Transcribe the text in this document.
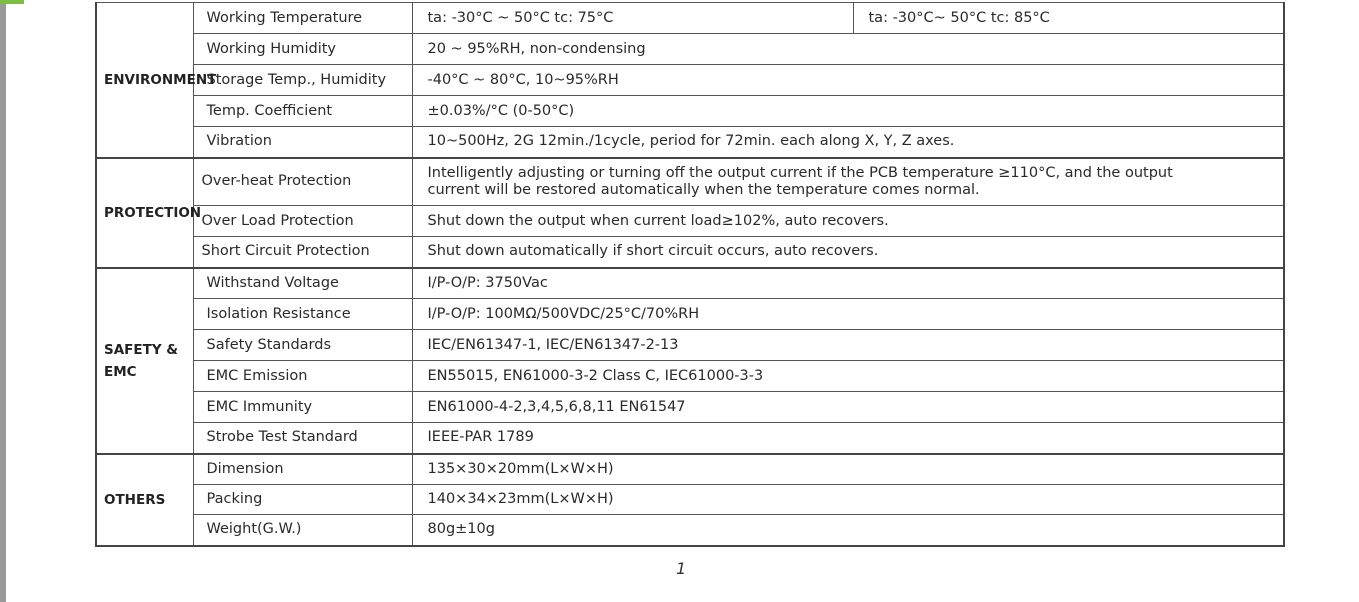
ENVIRONMENT	Working Temperature	ta: -30°C ~ 50°C tc: 75°C	ta: -30°C~ 50°C tc: 85°C
	Working Humidity	20 ~ 95%RH, non-condensing	
	Storage Temp., Humidity	-40°C ~ 80°C, 10~95%RH	
	Temp. Coefficient	±0.03%/°C (0-50°C)	
	Vibration	10~500Hz, 2G 12min./1cycle, period for 72min. each along X, Y, Z axes.	
PROTECTION	Over-heat Protection	Intelligently adjusting or turning off the output current if the PCB temperature ≥110°C, and the output current will be restored automatically when the temperature comes normal.	
	Over Load Protection	Shut down the output when current load≥102%, auto recovers.	
	Short Circuit Protection	Shut down automatically if short circuit occurs, auto recovers.	
SAFETY & EMC	Withstand Voltage	I/P-O/P: 3750Vac	
	Isolation Resistance	I/P-O/P: 100MΩ/500VDC/25°C/70%RH	
	Safety Standards	IEC/EN61347-1, IEC/EN61347-2-13	
	EMC Emission	EN55015, EN61000-3-2 Class C, IEC61000-3-3	
	EMC Immunity	EN61000-4-2,3,4,5,6,8,11 EN61547	
	Strobe Test Standard	IEEE-PAR 1789	
OTHERS	Dimension	135×30×20mm(L×W×H)	
	Packing	140×34×23mm(L×W×H)	
	Weight(G.W.)	80g±10g	
1
